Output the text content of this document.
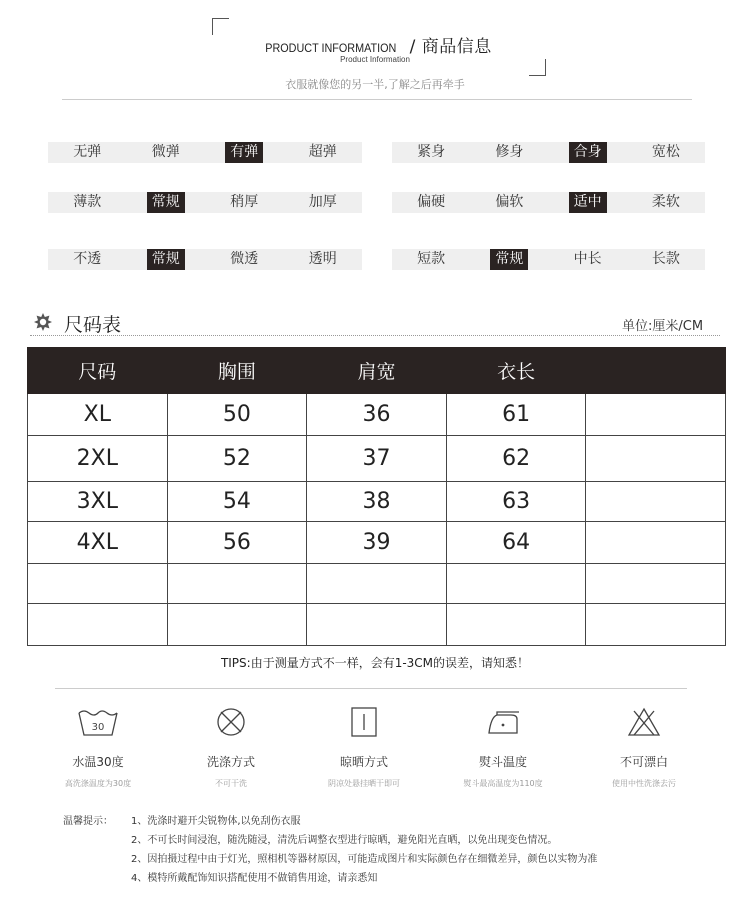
PRODUCT INFORMATION / 商品信息
Product Information
衣服就像您的另一半,了解之后再牵手
无弹	微弹	有弹	超弹	紧身	修身	合身	宽松
薄款	常规	稍厚	加厚	偏硬	偏软	适中	柔软
不透	常规	微透	透明	短款	常规	中长	长款
尺码表	单位:厘米/CM
尺码	胸围	肩宽	衣长	
XL	50	36	61	
2XL	52	37	62	
3XL	54	38	63	
4XL	56	39	64	

TIPS:由于测量方式不一样，会有1-3CM的误差，请知悉！
30
水温30度
高洗涤温度为30度
洗涤方式
不可干洗
晾晒方式
阴凉处悬挂晒干即可
熨斗温度
熨斗最高温度为110度
不可漂白
使用中性洗涤去污
温馨提示： 1、洗涤时避开尖锐物体,以免刮伤衣服
2、不可长时间浸泡，随洗随浸，清洗后调整衣型进行晾晒，避免阳光直晒，以免出现变色情况。
2、因拍摄过程中由于灯光，照相机等器材原因，可能造成图片和实际颜色存在细微差异，颜色以实物为准
4、模特所戴配饰知识搭配使用不做销售用途，请亲悉知
